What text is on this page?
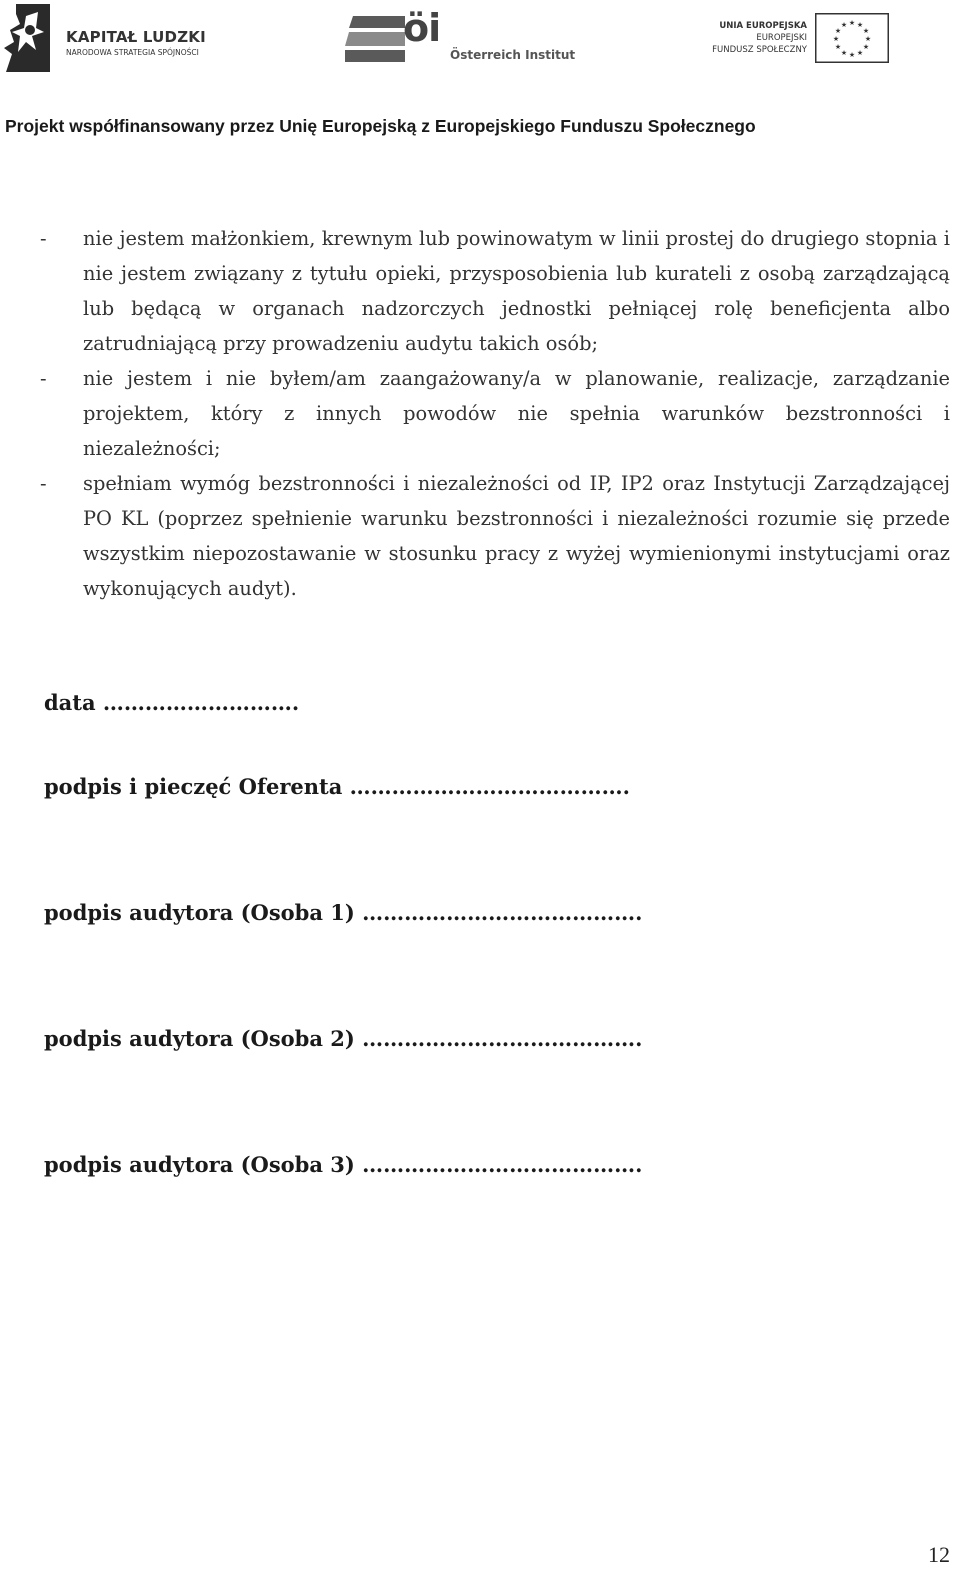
KAPITAŁ LUDZKI
NARODOWA STRATEGIA SPÓJNOŚCI
öi
Österreich Institut
UNIA EUROPEJSKA
EUROPEJSKI
FUNDUSZ SPOŁECZNY
★ ★
★
★
★
★
★
★
★
★
★
★
Projekt współfinansowany przez Unię Europejską z Europejskiego Funduszu Społecznego
- nie jestem małżonkiem, krewnym lub powinowatym w linii prostej do drugiego stopnia i nie jestem związany z tytułu opieki, przysposobienia lub kurateli z osobą zarządzającą lub będącą w organach nadzorczych jednostki pełniącej rolę beneficjenta albo zatrudniającą przy prowadzeniu audytu takich osób;
- nie jestem i nie byłem/am zaangażowany/a w planowanie, realizacje, zarządzanie projektem, który z innych powodów nie spełnia warunków bezstronności i niezależności;
- spełniam wymóg bezstronności i niezależności od IP, IP2 oraz Instytucji Zarządzającej PO KL (poprzez spełnienie warunku bezstronności i niezależności rozumie się przede wszystkim niepozostawanie w stosunku pracy z wyżej wymienionymi instytucjami oraz wykonujących audyt).
data ……………………….
podpis i pieczęć Oferenta ………………………………….
podpis audytora (Osoba 1) ………………………………….
podpis audytora (Osoba 2) ………………………………….
podpis audytora (Osoba 3) ………………………………….
12
